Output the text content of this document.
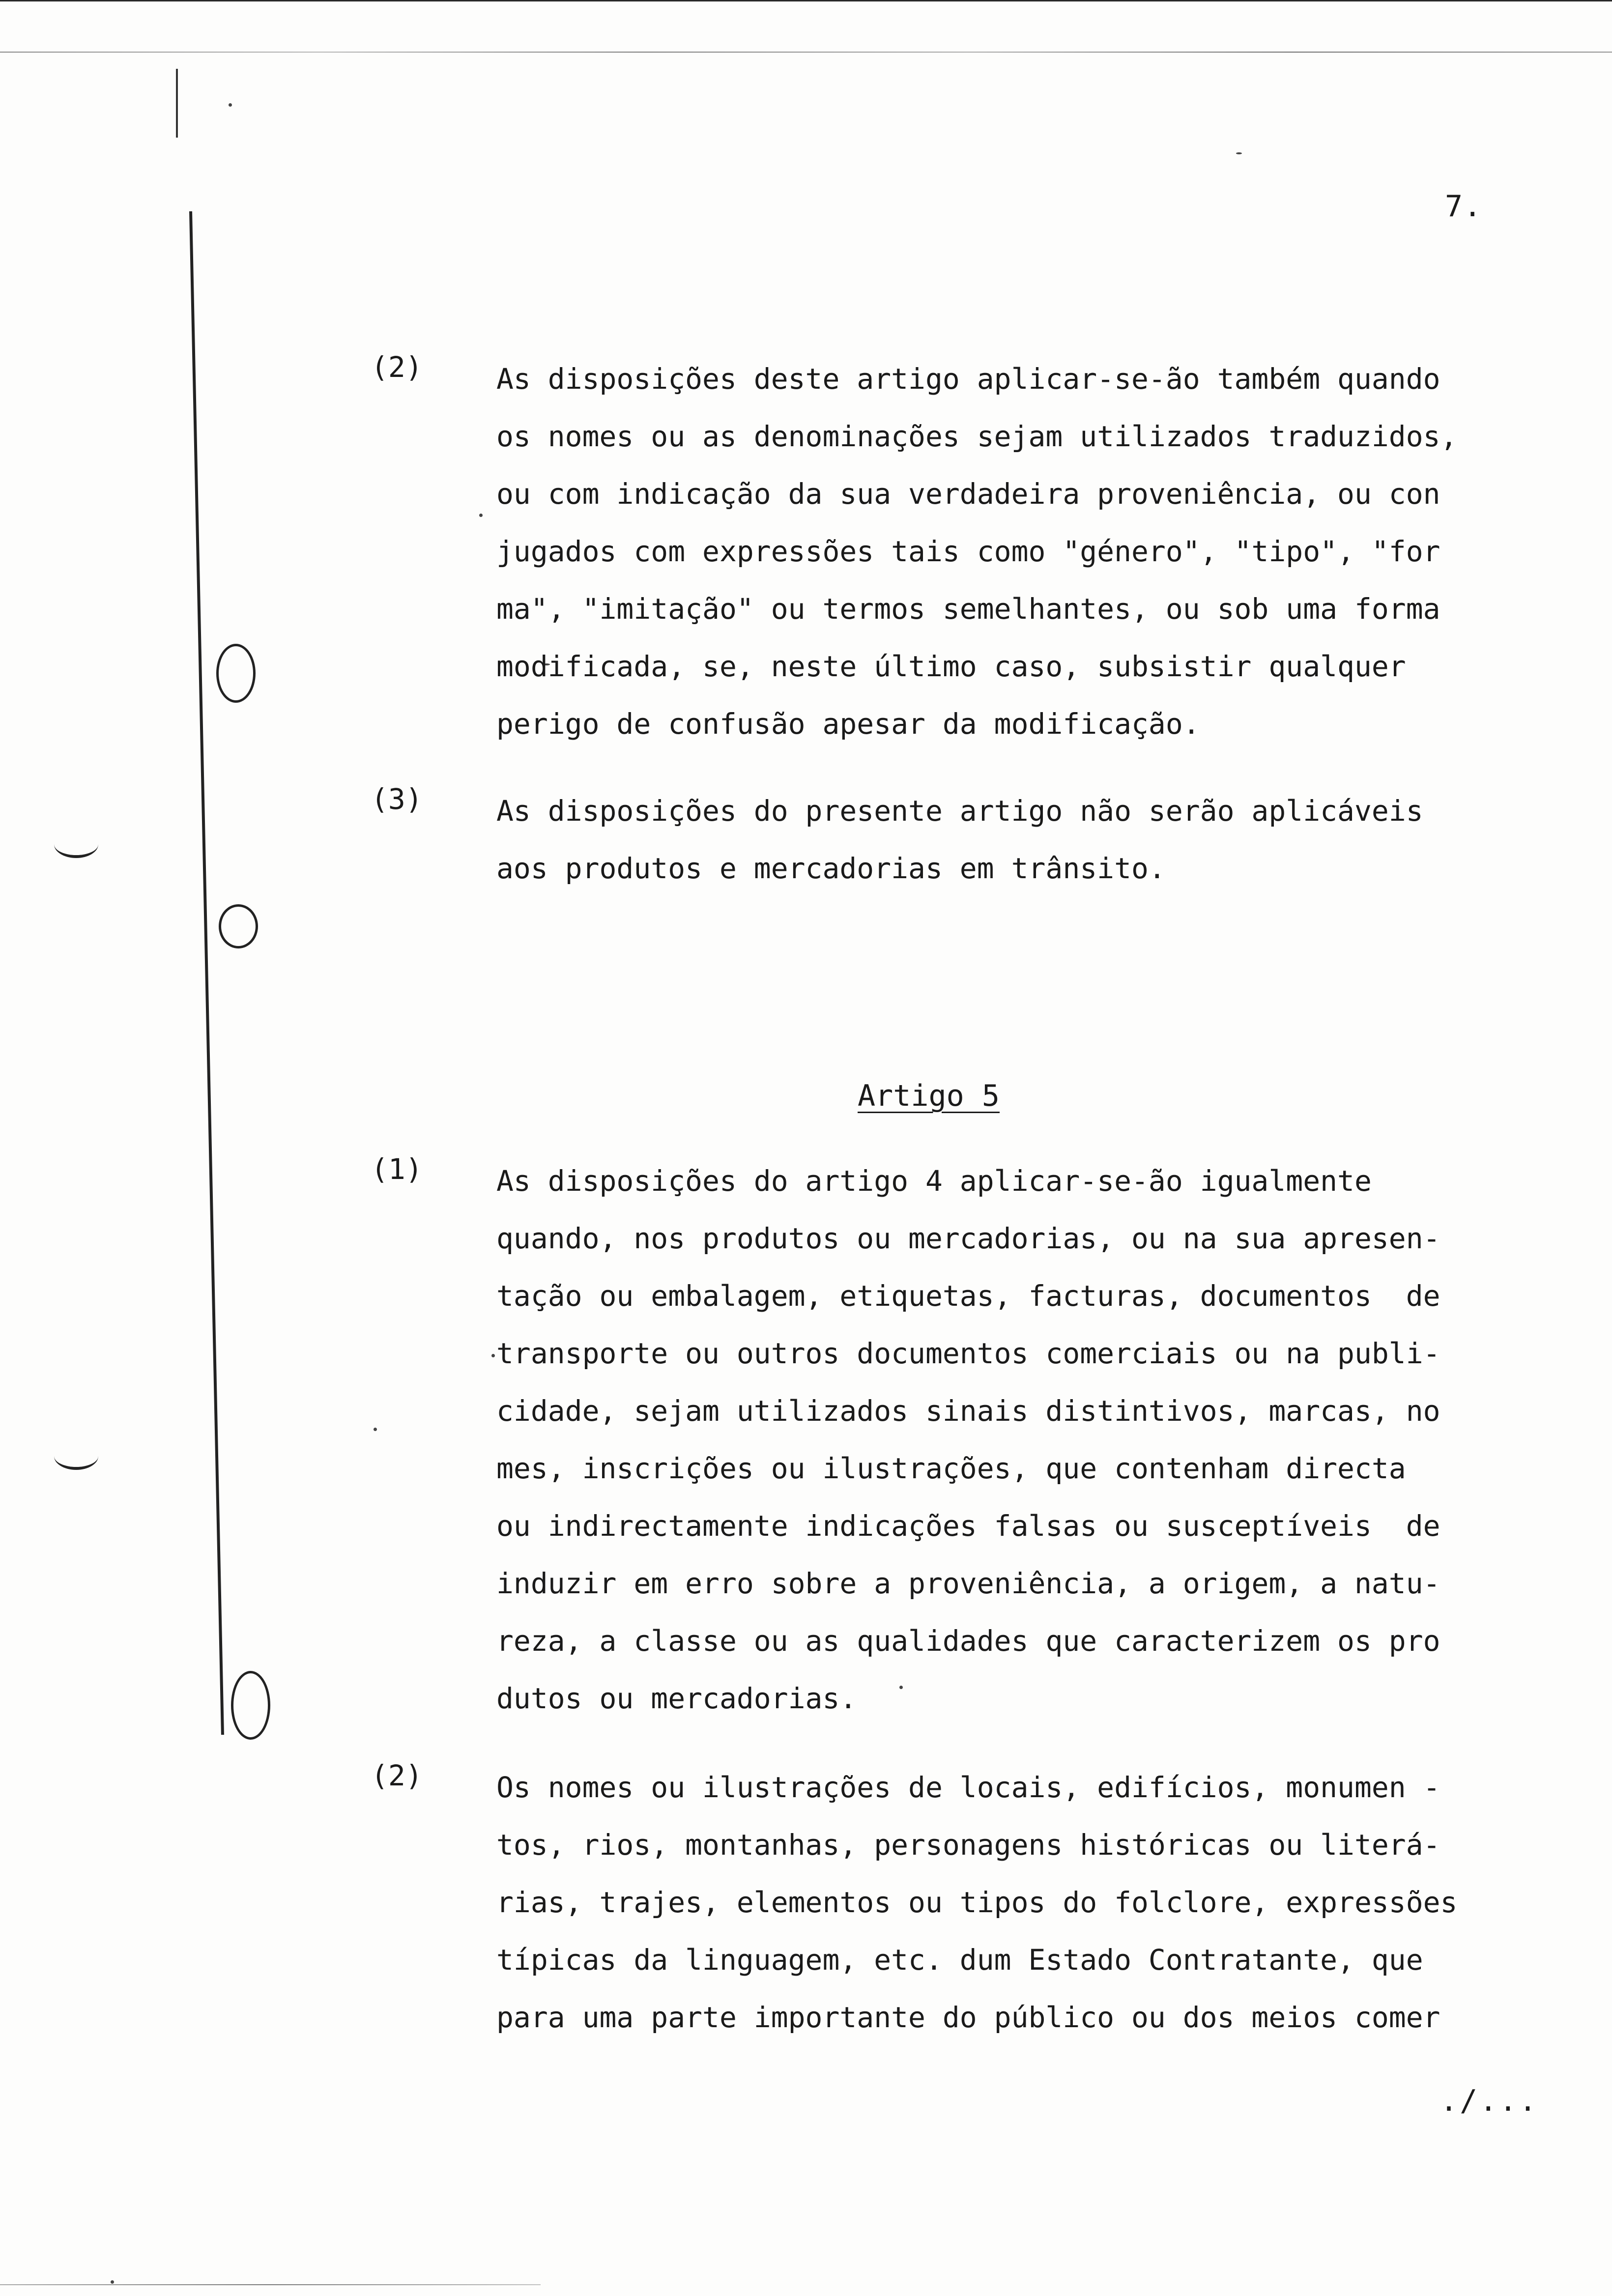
7.
(2)	As disposições deste artigo aplicar-se-ão também quando
os nomes ou as denominações sejam utilizados traduzidos,
ou com indicação da sua verdadeira proveniência, ou con
jugados com expressões tais como "género", "tipo", "for
ma", "imitação" ou termos semelhantes, ou sob uma forma
modificada, se, neste último caso, subsistir qualquer
perigo de confusão apesar da modificação.
(3)	As disposições do presente artigo não serão aplicáveis
aos produtos e mercadorias em trânsito.
Artigo 5
(1)	As disposições do artigo 4 aplicar-se-ão igualmente
quando, nos produtos ou mercadorias, ou na sua apresen-
tação ou embalagem, etiquetas, facturas, documentos  de
transporte ou outros documentos comerciais ou na publi-
cidade, sejam utilizados sinais distintivos, marcas, no
mes, inscrições ou ilustrações, que contenham directa
ou indirectamente indicações falsas ou susceptíveis  de
induzir em erro sobre a proveniência, a origem, a natu-
reza, a classe ou as qualidades que caracterizem os pro
dutos ou mercadorias.
(2)	Os nomes ou ilustrações de locais, edifícios, monumen -
tos, rios, montanhas, personagens históricas ou literá-
rias, trajes, elementos ou tipos do folclore, expressões
típicas da linguagem, etc. dum Estado Contratante, que
para uma parte importante do público ou dos meios comer
./...
